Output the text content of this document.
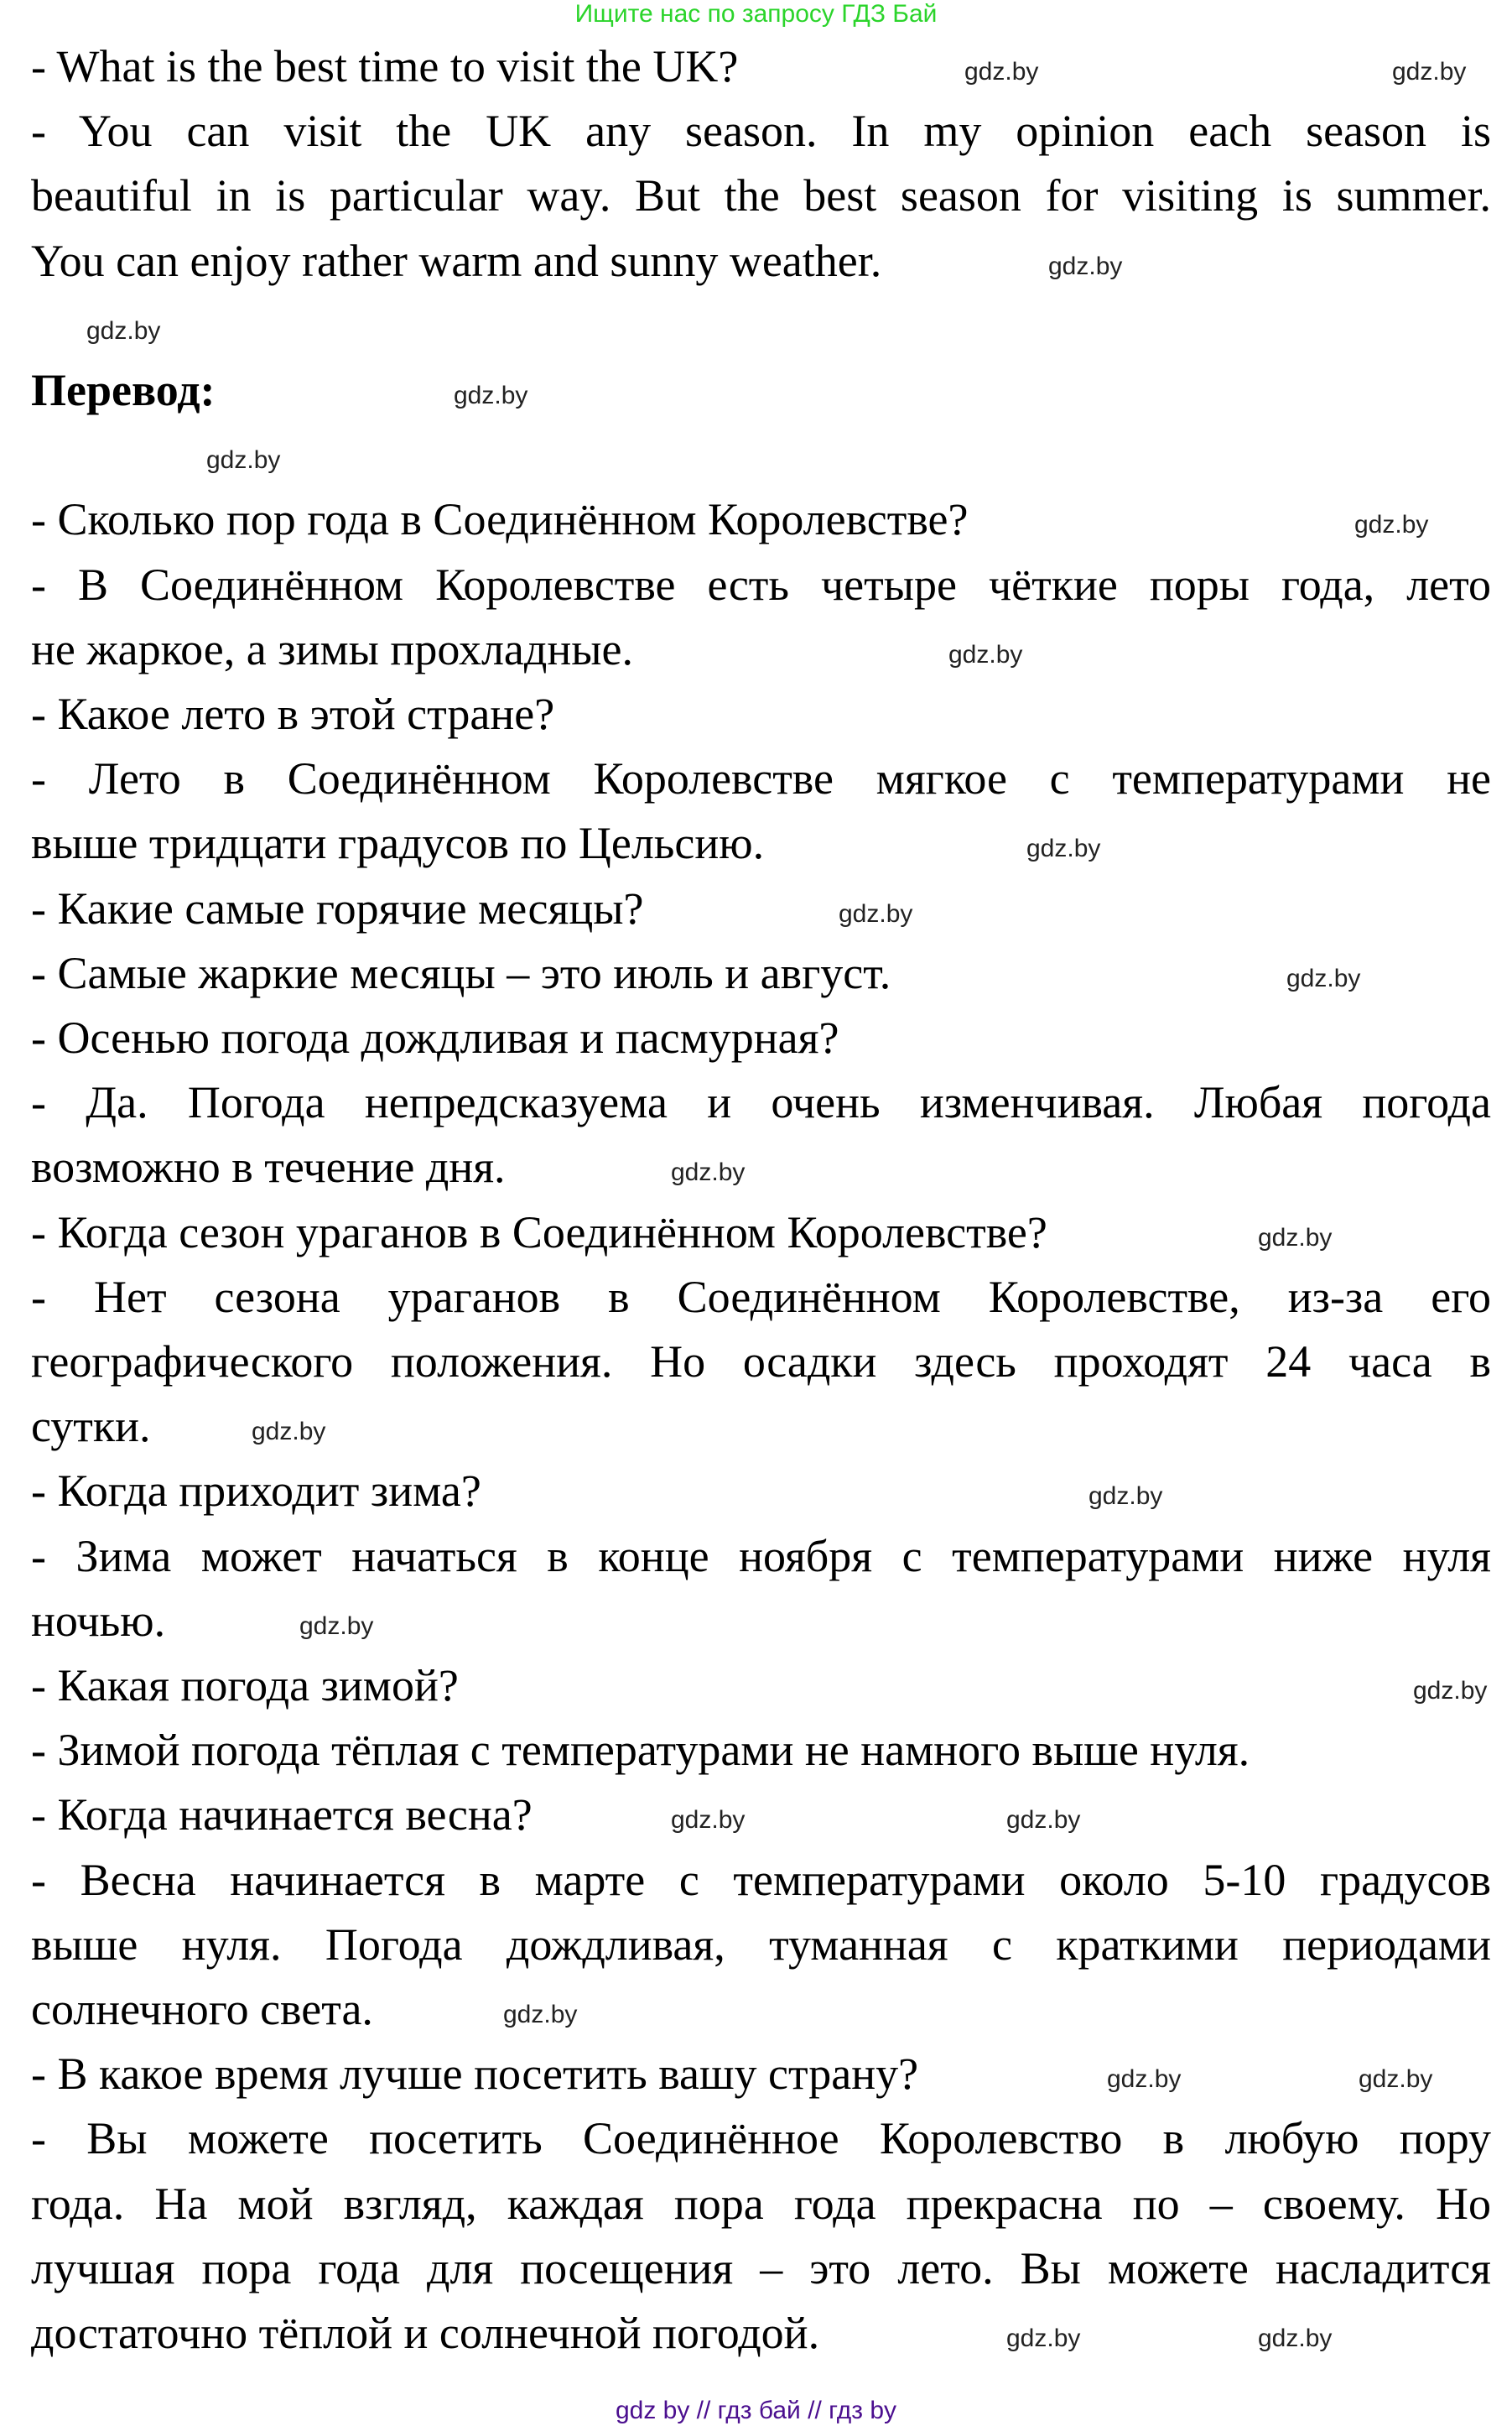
Ищите нас по запросу ГДЗ Бай
- What is the best time to visit the UK?
- You can visit the UK any season. In my opinion each season is
beautiful in is particular way. But the best season for visiting is summer.
You can enjoy rather warm and sunny weather.
Перевод:
- Сколько пор года в Соединённом Королевстве?
- В Соединённом Королевстве есть четыре чёткие поры года, лето
не жаркое, а зимы прохладные.
- Какое лето в этой стране?
- Лето в Соединённом Королевстве мягкое с температурами не
выше тридцати градусов по Цельсию.
- Какие самые горячие месяцы?
- Самые жаркие месяцы – это июль и август.
- Осенью погода дождливая и пасмурная?
- Да. Погода непредсказуема и очень изменчивая. Любая погода
возможно в течение дня.
- Когда сезон ураганов в Соединённом Королевстве?
- Нет сезона ураганов в Соединённом Королевстве, из-за его
географического положения. Но осадки здесь проходят 24 часа в
сутки.
- Когда приходит зима?
- Зима может начаться в конце ноября с температурами ниже нуля
ночью.
- Какая погода зимой?
- Зимой погода тёплая с температурами не намного выше нуля.
- Когда начинается весна?
- Весна начинается в марте с температурами около 5-10 градусов
выше нуля. Погода дождливая, туманная с краткими периодами
солнечного света.
- В какое время лучше посетить вашу страну?
- Вы можете посетить Соединённое Королевство в любую пору
года. На мой взгляд, каждая пора года прекрасна по – своему. Но
лучшая пора года для посещения – это лето. Вы можете насладится
достаточно тёплой и солнечной погодой.
gdz.by
gdz.by
gdz.by
gdz.by
gdz.by
gdz.by
gdz.by
gdz.by
gdz.by
gdz.by
gdz.by
gdz.by
gdz.by
gdz.by
gdz.by
gdz.by
gdz.by
gdz.by	gdz.by
gdz.by
gdz.by	gdz.by
gdz.by	gdz.by
gdz by // гдз бай // гдз by
